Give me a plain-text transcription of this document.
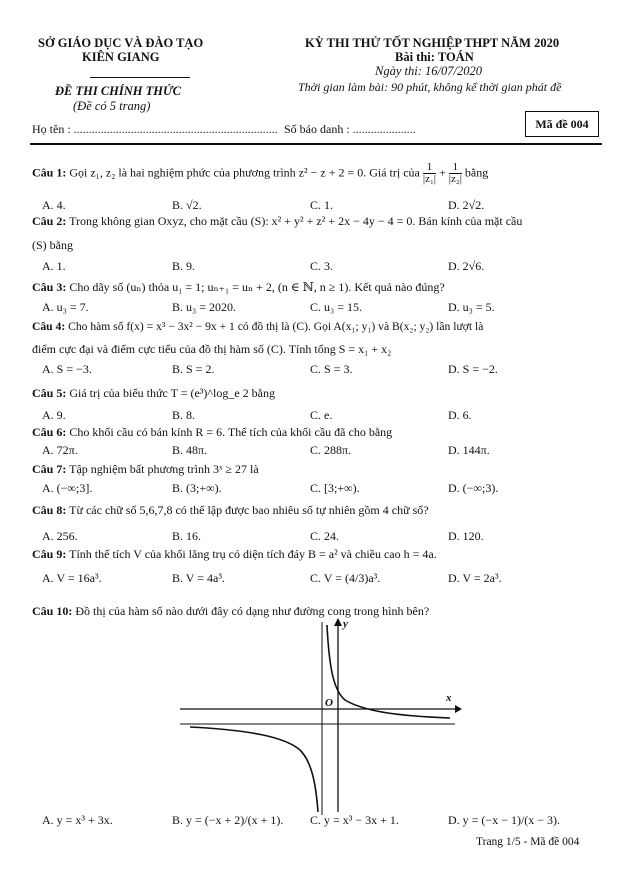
SỞ GIÁO DỤC VÀ ĐÀO TẠO
KIÊN GIANG
ĐỀ THI CHÍNH THỨC
(Đề có 5 trang)
KỲ THI THỬ TỐT NGHIỆP THPT NĂM 2020
Bài thi: TOÁN
Ngày thi: 16/07/2020
Thời gian làm bài: 90 phút, không kể thời gian phát đề
Họ tên : .................................................................... Số báo danh : .....................	Mã đề 004
Câu 1: Gọi z₁, z₂ là hai nghiệm phức của phương trình z² − z + 2 = 0. Giá trị của $\frac{1}{\text{|z₁|}} + \frac{1}{\text{|z₂|}}$ bằng
A. 4.	B. √2.	C. 1.	D. 2√2.
Câu 2: Trong không gian Oxyz, cho mặt cầu (S): x² + y² + z² + 2x − 4y − 4 = 0. Bán kính của mặt cầu
(S) bằng
A. 1.	B. 9.	C. 3.	D. 2√6.
Câu 3: Cho dãy số (uₙ) thỏa u₁ = 1; uₙ₊₁ = uₙ + 2, (n ∈ ℕ, n ≥ 1). Kết quả nào đúng?
A. u₃ = 7.	B. u₃ = 2020.	C. u₃ = 15.	D. u₃ = 5.
Câu 4: Cho hàm số f(x) = x³ − 3x² − 9x + 1 có đồ thị là (C). Gọi A(x₁; y₁) và B(x₂; y₂) lần lượt là
điểm cực đại và điểm cực tiểu của đồ thị hàm số (C). Tính tổng S = x₁ + x₂
A. S = −3.	B. S = 2.	C. S = 3.	D. S = −2.
Câu 5: Giá trị của biểu thức T = (e³)^log_e 2 bằng
A. 9.	B. 8.	C. e.	D. 6.
Câu 6: Cho khối cầu có bán kính R = 6. Thể tích của khối cầu đã cho bằng
A. 72π.	B. 48π.	C. 288π.	D. 144π.
Câu 7: Tập nghiệm bất phương trình 3ˣ ≥ 27 là
A. (−∞;3].	B. (3;+∞).	C. [3;+∞).	D. (−∞;3).
Câu 8: Từ các chữ số 5,6,7,8 có thể lập được bao nhiêu số tự nhiên gồm 4 chữ số?
A. 256.	B. 16.	C. 24.	D. 120.
Câu 9: Tính thể tích V của khối lăng trụ có diện tích đáy B = a² và chiều cao h = 4a.
A. V = 16a³.	B. V = 4a³.	C. V = (4/3)a³.	D. V = 2a³.
Câu 10: Đồ thị của hàm số nào dưới đây có dạng như đường cong trong hình bên?
x
y
O
A. y = x³ + 3x.	B. y = (−x + 2)/(x + 1). C. y = x³ − 3x + 1.	D. y = (−x − 1)/(x − 3).
Trang 1/5 - Mã đề 004
